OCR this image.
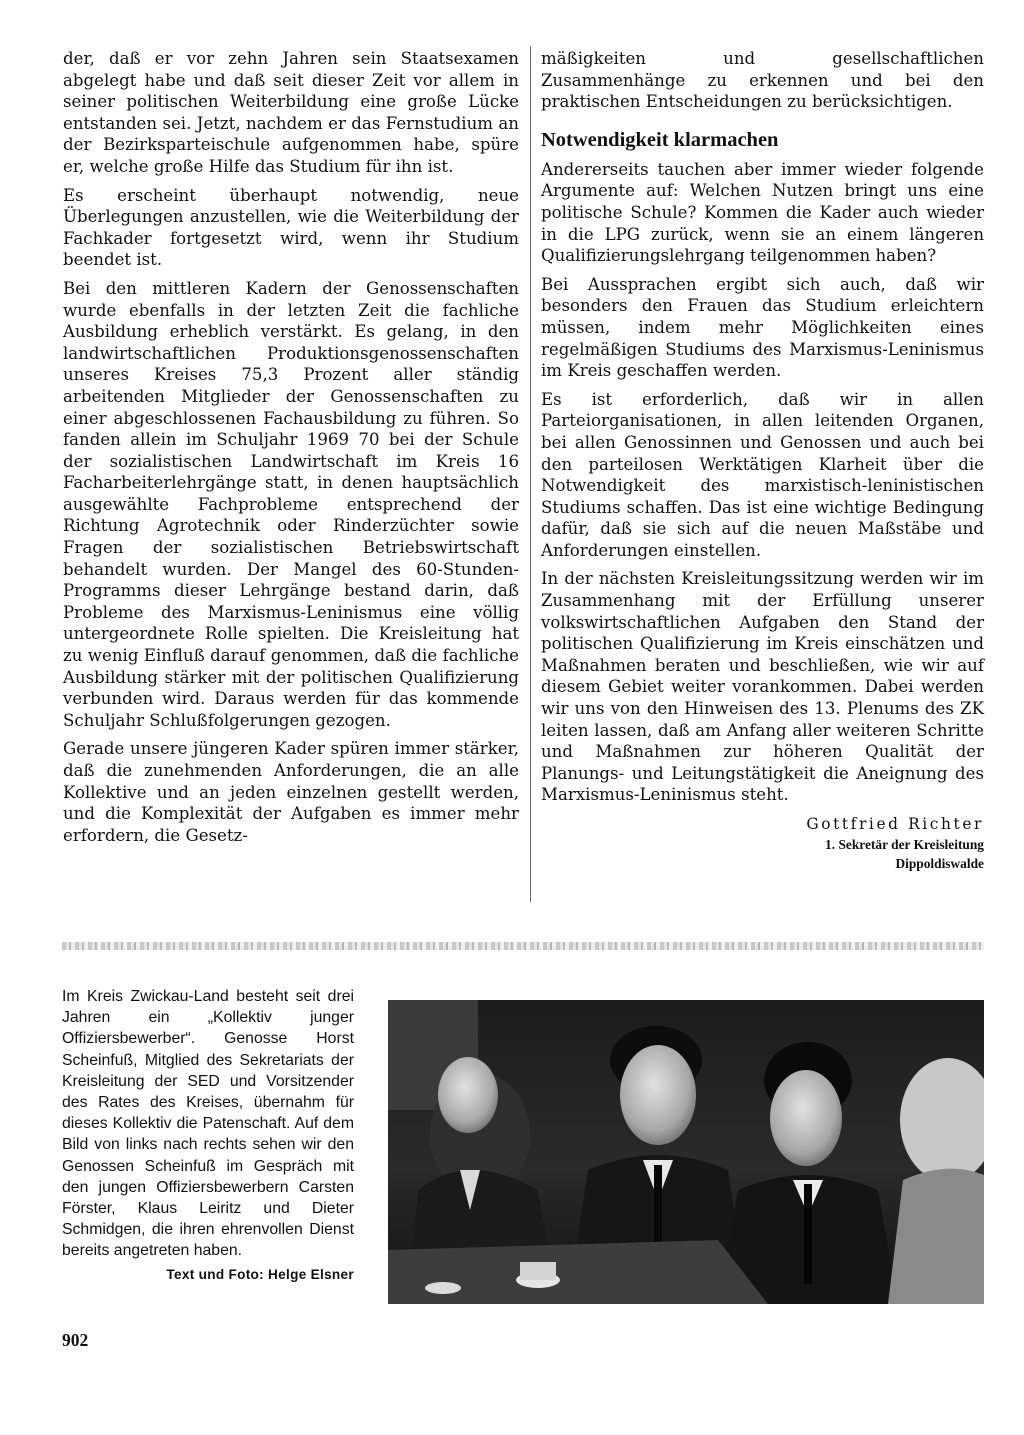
der, daß er vor zehn Jahren sein Staatsexamen abgelegt habe und daß seit dieser Zeit vor allem in seiner politischen Weiterbildung eine große Lücke entstanden sei. Jetzt, nachdem er das Fernstudium an der Bezirksparteischule aufgenommen habe, spüre er, welche große Hilfe das Studium für ihn ist.

Es erscheint überhaupt notwendig, neue Überlegungen anzustellen, wie die Weiterbildung der Fachkader fortgesetzt wird, wenn ihr Studium beendet ist.

Bei den mittleren Kadern der Genossenschaften wurde ebenfalls in der letzten Zeit die fachliche Ausbildung erheblich verstärkt. Es gelang, in den landwirtschaftlichen Produktionsgenossenschaften unseres Kreises 75,3 Prozent aller ständig arbeitenden Mitglieder der Genossenschaften zu einer abgeschlossenen Fachausbildung zu führen. So fanden allein im Schuljahr 1969 70 bei der Schule der sozialistischen Landwirtschaft im Kreis 16 Facharbeiterlehrgänge statt, in denen hauptsächlich ausgewählte Fachprobleme entsprechend der Richtung Agrotechnik oder Rinderzüchter sowie Fragen der sozialistischen Betriebswirtschaft behandelt wurden. Der Mangel des 60-Stunden-Programms dieser Lehrgänge bestand darin, daß Probleme des Marxismus-Leninismus eine völlig untergeordnete Rolle spielten. Die Kreisleitung hat zu wenig Einfluß darauf genommen, daß die fachliche Ausbildung stärker mit der politischen Qualifizierung verbunden wird. Daraus werden für das kommende Schuljahr Schlußfolgerungen gezogen.

Gerade unsere jüngeren Kader spüren immer stärker, daß die zunehmenden Anforderungen, die an alle Kollektive und an jeden einzelnen gestellt werden, und die Komplexität der Aufgaben es immer mehr erfordern, die Gesetz-

mäßigkeiten und gesellschaftlichen Zusammenhänge zu erkennen und bei den praktischen Entscheidungen zu berücksichtigen.

Notwendigkeit klarmachen

Andererseits tauchen aber immer wieder folgende Argumente auf: Welchen Nutzen bringt uns eine politische Schule? Kommen die Kader auch wieder in die LPG zurück, wenn sie an einem längeren Qualifizierungslehrgang teilgenommen haben?

Bei Aussprachen ergibt sich auch, daß wir besonders den Frauen das Studium erleichtern müssen, indem mehr Möglichkeiten eines regelmäßigen Studiums des Marxismus-Leninismus im Kreis geschaffen werden.

Es ist erforderlich, daß wir in allen Parteiorganisationen, in allen leitenden Organen, bei allen Genossinnen und Genossen und auch bei den parteilosen Werktätigen Klarheit über die Notwendigkeit des marxistisch-leninistischen Studiums schaffen. Das ist eine wichtige Bedingung dafür, daß sie sich auf die neuen Maßstäbe und Anforderungen einstellen.

In der nächsten Kreisleitungssitzung werden wir im Zusammenhang mit der Erfüllung unserer volkswirtschaftlichen Aufgaben den Stand der politischen Qualifizierung im Kreis einschätzen und Maßnahmen beraten und beschließen, wie wir auf diesem Gebiet weiter vorankommen. Dabei werden wir uns von den Hinweisen des 13. Plenums des ZK leiten lassen, daß am Anfang aller weiteren Schritte und Maßnahmen zur höheren Qualität der Planungs- und Leitungstätigkeit die Aneignung des Marxismus-Leninismus steht.

Gottfried Richter
1. Sekretär der Kreisleitung
Dippoldiswalde

Im Kreis Zwickau-Land besteht seit drei Jahren ein „Kollektiv junger Offiziersbewerber“. Genosse Horst Scheinfuß, Mitglied des Sekretariats der Kreisleitung der SED und Vorsitzender des Rates des Kreises, übernahm für dieses Kollektiv die Patenschaft. Auf dem Bild von links nach rechts sehen wir den Genossen Scheinfuß im Gespräch mit den jungen Offiziersbewerbern Carsten Förster, Klaus Leiritz und Dieter Schmidgen, die ihren ehrenvollen Dienst bereits angetreten haben.

Text und Foto: Helge Elsner

902
